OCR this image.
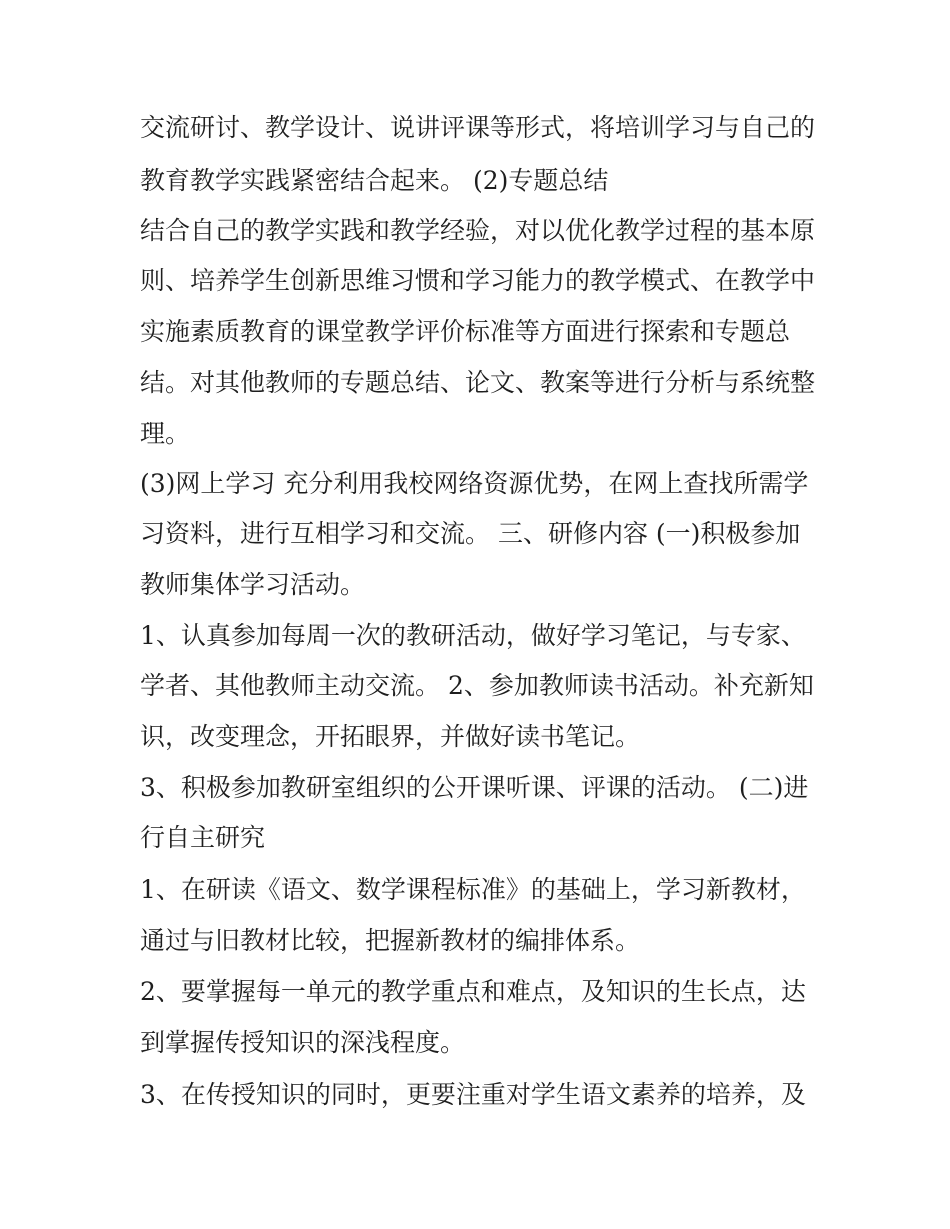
交流研讨、教学设计、说讲评课等形式，将培训学习与自己的

教育教学实践紧密结合起来。 (2)专题总结

结合自己的教学实践和教学经验，对以优化教学过程的基本原

则、培养学生创新思维习惯和学习能力的教学模式、在教学中

实施素质教育的课堂教学评价标准等方面进行探索和专题总

结。对其他教师的专题总结、论文、教案等进行分析与系统整

理。

(3)网上学习 充分利用我校网络资源优势，在网上查找所需学

习资料，进行互相学习和交流。 三、研修内容 (一)积极参加

教师集体学习活动。

1、认真参加每周一次的教研活动，做好学习笔记，与专家、

学者、其他教师主动交流。 2、参加教师读书活动。补充新知

识，改变理念，开拓眼界，并做好读书笔记。

3、积极参加教研室组织的公开课听课、评课的活动。 (二)进

行自主研究

1、在研读《语文、数学课程标准》的基础上，学习新教材，

通过与旧教材比较，把握新教材的编排体系。

2、要掌握每一单元的教学重点和难点，及知识的生长点，达

到掌握传授知识的深浅程度。

3、在传授知识的同时，更要注重对学生语文素养的培养，及
